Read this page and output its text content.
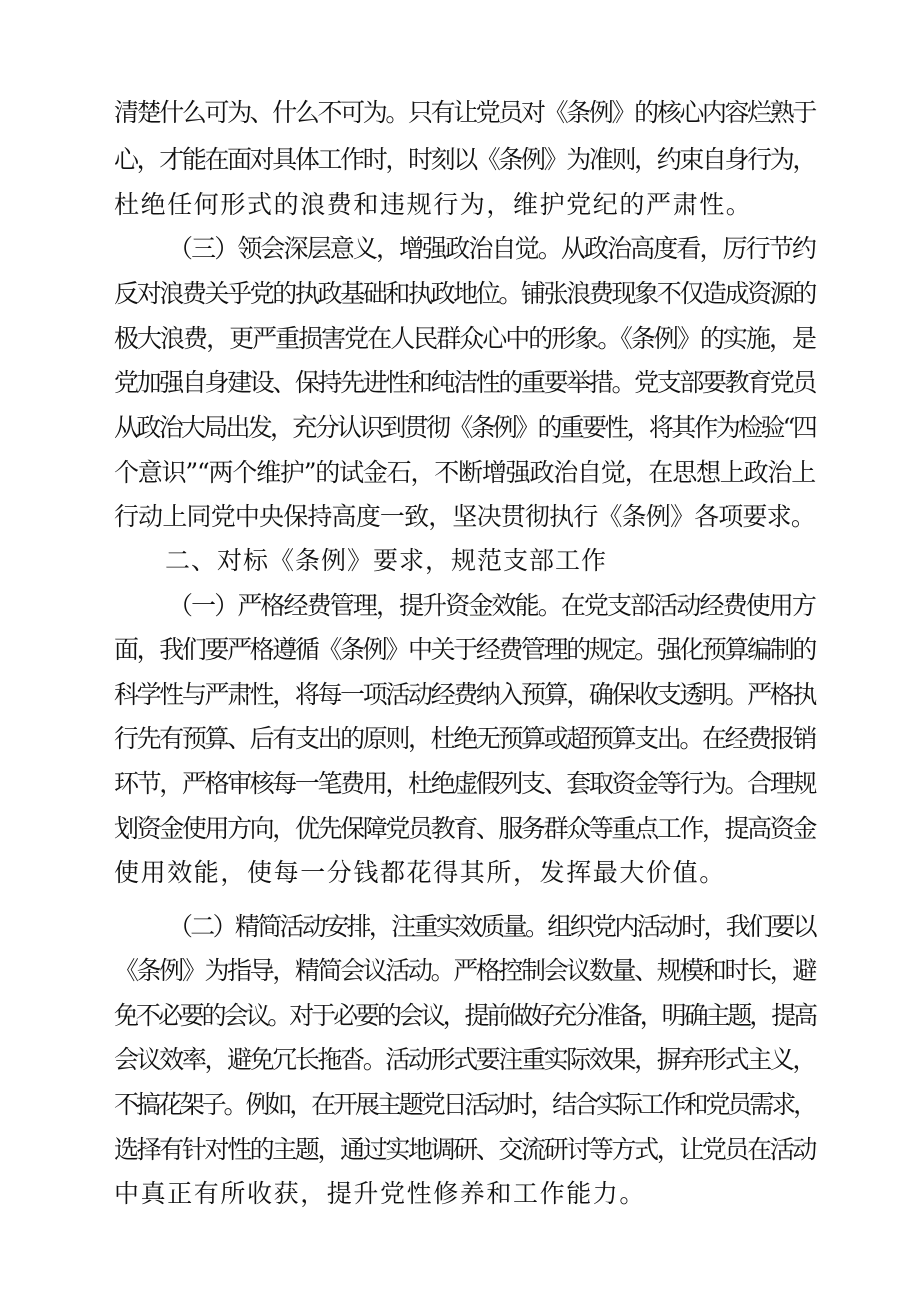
清楚什么可为、什么不可为。只有让党员对《条例》的核心内容烂熟于
心，才能在面对具体工作时，时刻以《条例》为准则，约束自身行为，
杜绝任何形式的浪费和违规行为，维护党纪的严肃性。
（三）领会深层意义，增强政治自觉。从政治高度看，厉行节约
反对浪费关乎党的执政基础和执政地位。铺张浪费现象不仅造成资源的
极大浪费，更严重损害党在人民群众心中的形象。《条例》的实施，是
党加强自身建设、保持先进性和纯洁性的重要举措。党支部要教育党员
从政治大局出发，充分认识到贯彻《条例》的重要性，将其作为检验“四
个意识”“两个维护”的试金石，不断增强政治自觉，在思想上政治上
行动上同党中央保持高度一致，坚决贯彻执行《条例》各项要求。
二、对标《条例》要求，规范支部工作
（一）严格经费管理，提升资金效能。在党支部活动经费使用方
面，我们要严格遵循《条例》中关于经费管理的规定。强化预算编制的
科学性与严肃性，将每一项活动经费纳入预算，确保收支透明。严格执
行先有预算、后有支出的原则，杜绝无预算或超预算支出。在经费报销
环节，严格审核每一笔费用，杜绝虚假列支、套取资金等行为。合理规
划资金使用方向，优先保障党员教育、服务群众等重点工作，提高资金
使用效能，使每一分钱都花得其所，发挥最大价值。
（二）精简活动安排，注重实效质量。组织党内活动时，我们要以
《条例》为指导，精简会议活动。严格控制会议数量、规模和时长，避
免不必要的会议。对于必要的会议，提前做好充分准备，明确主题，提高
会议效率，避免冗长拖沓。活动形式要注重实际效果，摒弃形式主义，
不搞花架子。例如，在开展主题党日活动时，结合实际工作和党员需求，
选择有针对性的主题，通过实地调研、交流研讨等方式，让党员在活动
中真正有所收获，提升党性修养和工作能力。
